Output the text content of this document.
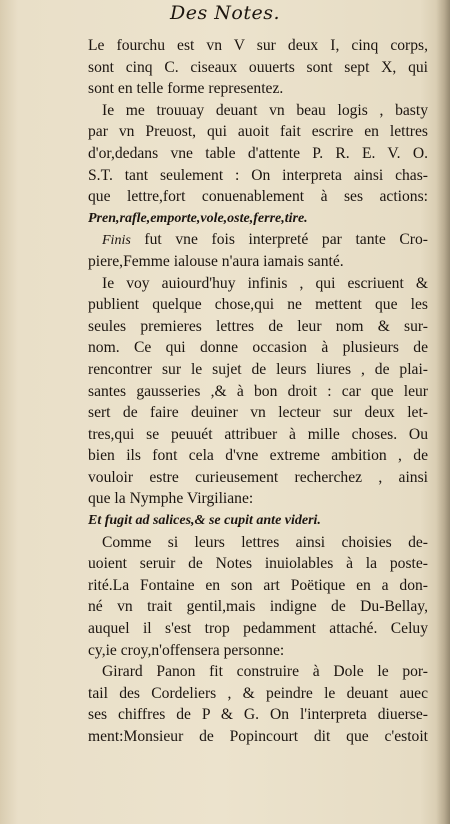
Des Notes.
Le fourchu est vn V sur deux I, cinq corps,
sont cinq C. ciseaux ouuerts sont sept X, qui
sont en telle forme representez.
Ie me trouuay deuant vn beau logis , basty
par vn Preuost, qui auoit fait escrire en lettres
d'or,dedans vne table d'attente P. R. E. V. O.
S.T. tant seulement : On interpreta ainsi chas-
que lettre,fort conuenablement à ses actions:
Pren,rafle,emporte,vole,oste,ferre,tire.
Finis fut vne fois interpreté par tante Cro-
piere,Femme ialouse n'aura iamais santé.
Ie voy auiourd'huy infinis , qui escriuent &
publient quelque chose,qui ne mettent que les
seules premieres lettres de leur nom & sur-
nom. Ce qui donne occasion à plusieurs de
rencontrer sur le sujet de leurs liures , de plai-
santes gausseries ,& à bon droit : car que leur
sert de faire deuiner vn lecteur sur deux let-
tres,qui se peuuét attribuer à mille choses. Ou
bien ils font cela d'vne extreme ambition , de
vouloir estre curieusement recherchez , ainsi
que la Nymphe Virgiliane:
Et fugit ad salices,& se cupit ante videri.
Comme si leurs lettres ainsi choisies de-
uoient seruir de Notes inuiolables à la poste-
rité.La Fontaine en son art Poëtique en a don-
né vn trait gentil,mais indigne de Du-Bellay,
auquel il s'est trop pedamment attaché. Celuy
cy,ie croy,n'offensera personne:
Girard Panon fit construire à Dole le por-
tail des Cordeliers , & peindre le deuant auec
ses chiffres de P & G. On l'interpreta diuerse-
ment:Monsieur de Popincourt dit que c'estoit
